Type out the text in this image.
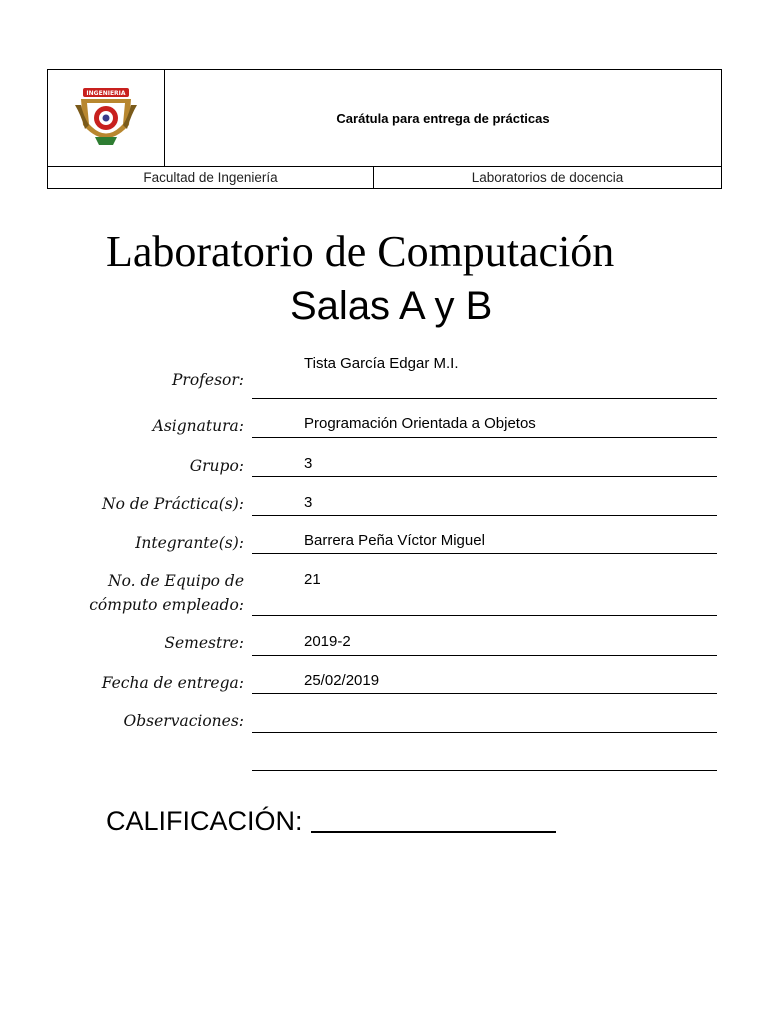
INGENIERIA
Carátula para entrega de prácticas
Facultad de Ingeniería	Laboratorios de docencia
Laboratorio de Computación
Salas A y B
Profesor:
Tista García Edgar M.I.
Asignatura:	Programación Orientada a Objetos
Grupo:	3
No de Práctica(s):	3
Integrante(s):	Barrera Peña Víctor Miguel
No. de Equipo de
cómputo empleado:
21
Semestre:	2019-2
Fecha de entrega:	25/02/2019
Observaciones:
CALIFICACIÓN:
